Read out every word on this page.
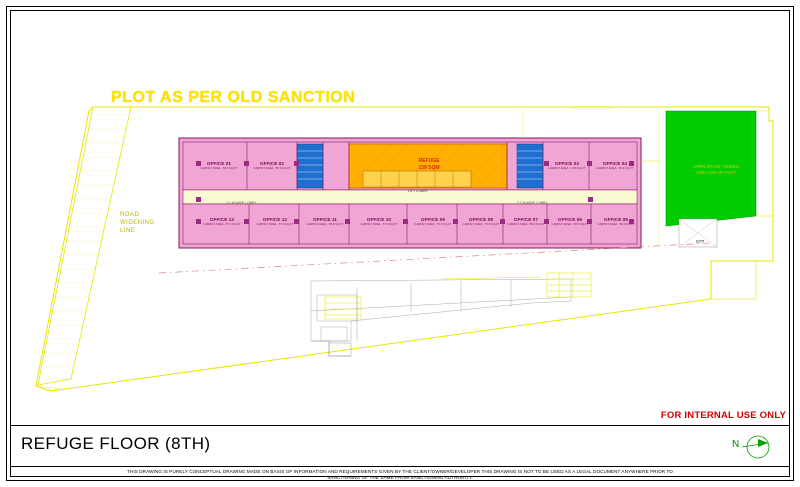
PLOT AS PER OLD SANCTION
ROAD WIDENING LINE
OPEN SPACE / GREEN AREA 10% OF PLOT
STP
REFUGE
159 SQM
LIFT LOBBY
2.1 M WIDE LOBBY	2.1 M WIDE LOBBY
OFFICE 01
CARPET AREA : 59.6 SQ.FT
OFFICE 02
CARPET AREA : 58.6 SQ.FT
OFFICE 03
CARPET AREA : 1.59 SQ.FT
OFFICE 04
CARPET AREA : 60.3 SQ.FT
OFFICE 05
CARPET AREA : 59.0 SQ.FT
OFFICE 06
CARPET AREA : 58.5 SQ.FT
OFFICE 07
CARPET AREA : 58.6 SQ.FT
OFFICE 08
CARPET AREA : 57.8 SQ.FT
OFFICE 09
CARPET AREA : 57.3 SQ.FT
OFFICE 10
CARPET AREA : 57.0 SQ.FT
OFFICE 11
CARPET AREA : 58.8 SQ.FT
OFFICE 12
CARPET AREA : 57.6 SQ.FT
OFFICE 13
CARPET AREA : 57.1 SQ.FT
FOR INTERNAL USE ONLY
REFUGE FLOOR (8TH)	N
THIS DRAWING IS PURELY CONCEPTUAL DRAWING MADE ON BASIS OF INFORMATION AND REQUIREMENTS GIVEN BY THE CLIENT/OWNER/DEVELOPER THIS DRAWING IS NOT TO BE USED AS A LEGAL DOCUMENT ANYWHERE PRIOR TO
SANCTIONING OF THE SAME FROM SANCTIONING AUTHORITY.
